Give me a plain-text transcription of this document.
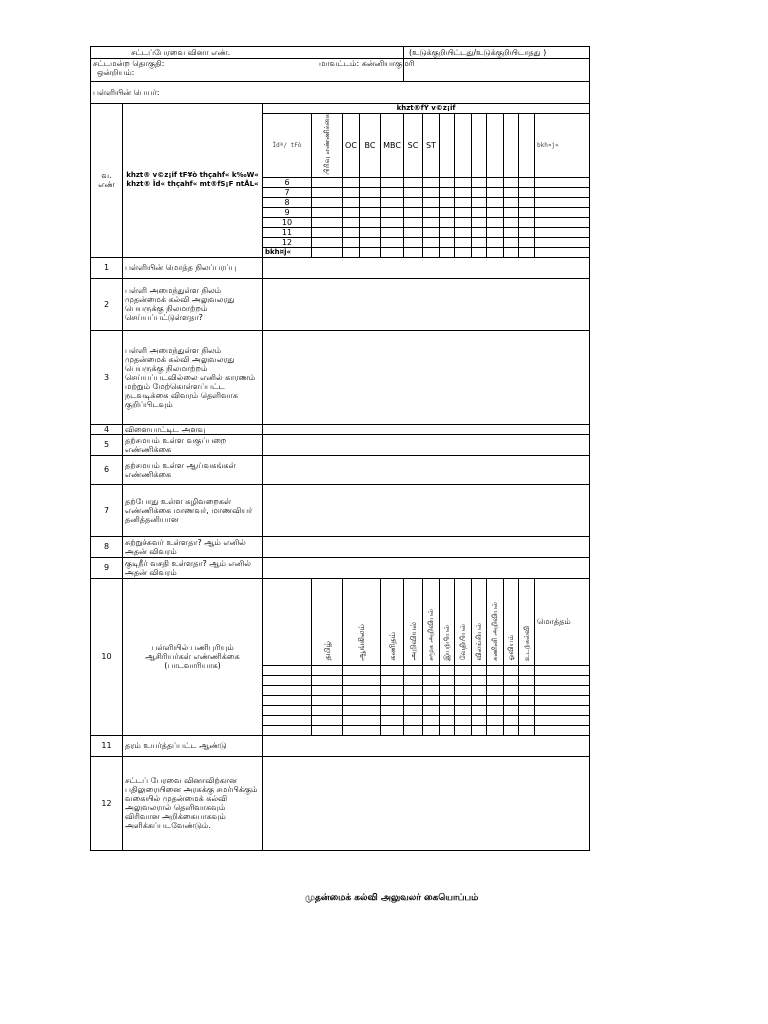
சட்டப்பேரவை வினா எண்.							(உடுக்குறியிட்டது/உடுக்குறியிடாதது )								

சட்டமன்ற தொகுதி:
ஒன்றியம்:							மாவட்டம்: கன்னியாகுமரி								
பள்ளியின் பெயர்:															
வ. எண்	khzt® v©z¡if tF¥ò thçahf« k‰W« khzt® Ïd« thçahf« mt®fS¡F ntÅL«	khzt®fŸ v©z¡if													
		Ïdª/ tFò	பிரிவு எண்ணிக்கை	OC	BC	MBC	SC	ST							bkh¤j«
		6													
		7													
		8													
		9													
		10													
		11													
		12													
		bkh¤j«													
1	பள்ளியின் மொத்த நிலப்பரப்பு														
2	பள்ளி அமைந்துள்ள நிலம் முதன்மைக் கல்வி அலுவலரது பெயருக்கு நிலமாற்றம் செய்யப்பட்டுள்ளதா?														
3	பள்ளி அமைந்துள்ள நிலம் முதன்மைக் கல்வி அலுவலரது பெயருக்கு நிலமாற்றம் செய்யப்படவில்லை எனில் காரணம் மற்றும் மேற்கொள்ளப்பட்ட நடவடிக்கை விவரம் தெளிவாக குறிப்பிடவும்														
4	விளையாட்டிட அளவு														
5	தற்சமயம் உள்ள வகுப்பறை எண்ணிக்கை														
6	தற்சமயம் உள்ள ஆய்வகங்கள் எண்ணிக்கை														
7	தற்போது உள்ள கழிவறைகள் எண்ணிக்கை மாணவர், மாணவியர் தனித்தனியான														
8	சுற்றுச்சுவர் உள்ளதா? ஆம் எனில் அதன் விவரம்														
9	குடிநீர் வசதி உள்ளதா? ஆம் எனில் அதன் விவரம்														
10	பள்ளியில் பணிபுரியும் ஆசிரியர்கள் எண்ணிக்கை (பாடவாரியாக)		தமிழ்	ஆங்கிலம்		கணிதம்	அறிவியல்	சமூக அறிவியல்	இயற்பியல்	வேதியியல்	விலங்கியல்	கணினி அறிவியல்	ஓவியம்	உடற்கல்வி	மொத்தம்

11	தரம் உயர்த்தப்பட்ட ஆண்டு														
12	சட்டப் பேரவை வினாவிற்கான பதிலுரையினை அரசுக்கு சமர்பிக்கும் வகையில் முதன்மைக் கல்வி அலுவலரால் தெளிவாகவும் விரிவான அறிக்கையாகவும் அளிக்கப்படவேண்டும்.														
முதன்மைக் கல்வி அலுவலர் கையொப்பம்
